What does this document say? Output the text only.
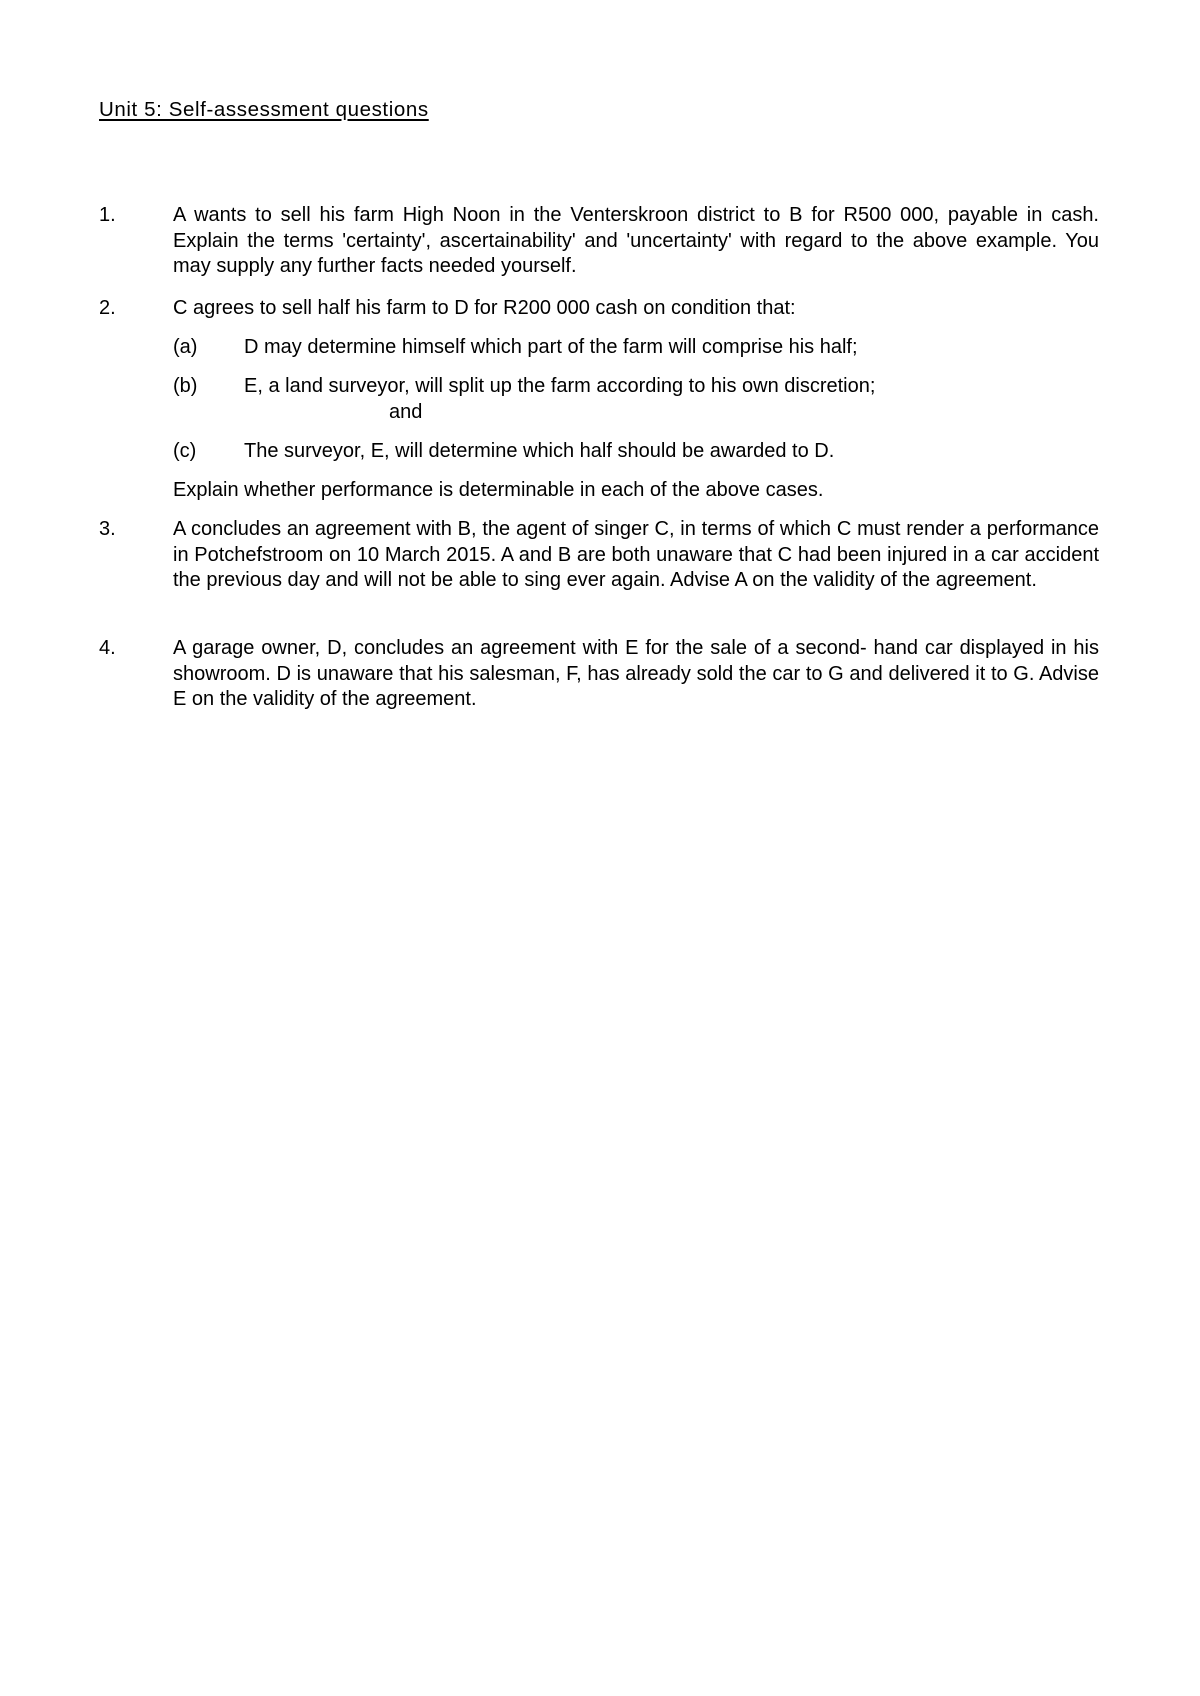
Unit 5: Self-assessment questions
1.	A wants to sell his farm High Noon in the Venterskroon district to B for R500 000, payable in cash. Explain the terms 'certainty', ascertainability' and 'uncertainty' with regard to the above example. You may supply any further facts needed yourself.
2.	C agrees to sell half his farm to D for R200 000 cash on condition that:
(a) D may determine himself which part of the farm will comprise his half;
(b) E, a land surveyor, will split up the farm according to his own discretion;
and
(c) The surveyor, E, will determine which half should be awarded to D.
Explain whether performance is determinable in each of the above cases.
3.	A concludes an agreement with B, the agent of singer C, in terms of which C must render a performance in Potchefstroom on 10 March 2015. A and B are both unaware that C had been injured in a car accident the previous day and will not be able to sing ever again. Advise A on the validity of the agreement.
4.	A garage owner, D, concludes an agreement with E for the sale of a second- hand car displayed in his showroom. D is unaware that his salesman, F, has already sold the car to G and delivered it to G. Advise E on the validity of the agreement.
